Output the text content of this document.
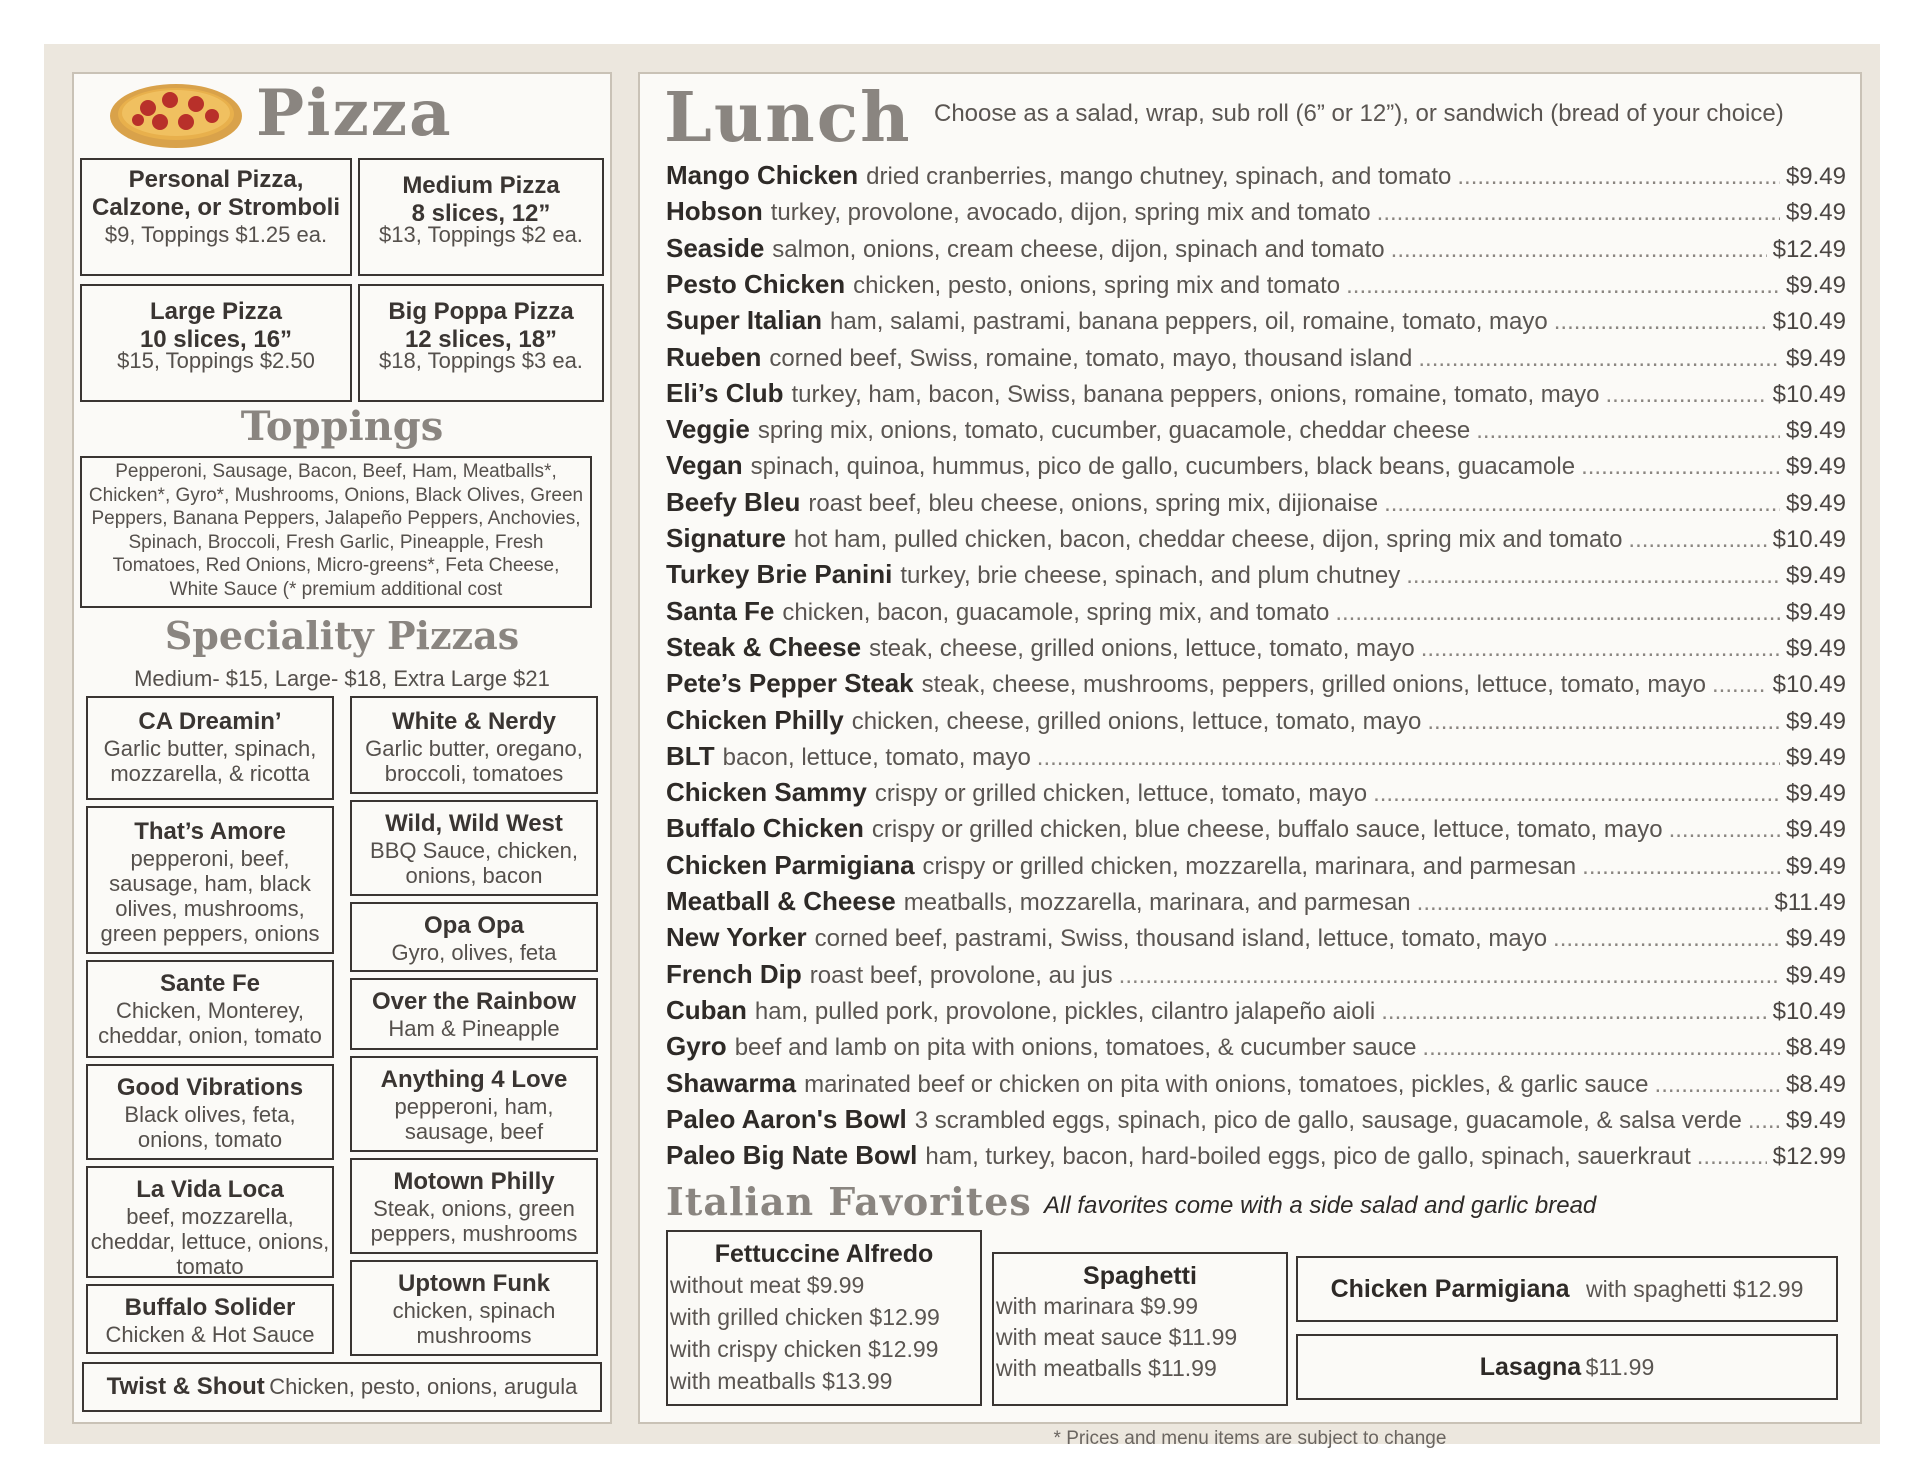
Pizza
Personal Pizza, Calzone, or Stromboli
$9, Toppings $1.25 ea.
Medium Pizza
8 slices, 12”
$13, Toppings $2 ea.
Large Pizza
10 slices, 16”
$15, Toppings $2.50
Big Poppa Pizza
12 slices, 18”
$18, Toppings $3 ea.
Toppings
Pepperoni, Sausage, Bacon, Beef, Ham, Meatballs*, Chicken*, Gyro*, Mushrooms, Onions, Black Olives, Green Peppers, Banana Peppers, Jalapeño Peppers, Anchovies, Spinach, Broccoli, Fresh Garlic, Pineapple, Fresh Tomatoes, Red Onions, Micro-greens*, Feta Cheese, White Sauce (* premium additional cost
Speciality Pizzas
Medium- $15, Large- $18, Extra Large $21
CA Dreamin’
Garlic butter, spinach, mozzarella, & ricotta
That’s Amore
pepperoni, beef, sausage, ham, black olives, mushrooms, green peppers, onions
Sante Fe
Chicken, Monterey, cheddar, onion, tomato
Good Vibrations
Black olives, feta, onions, tomato
La Vida Loca
beef, mozzarella, cheddar, lettuce, onions, tomato
Buffalo Solider
Chicken & Hot Sauce
White & Nerdy
Garlic butter, oregano, broccoli, tomatoes
Wild, Wild West
BBQ Sauce, chicken, onions, bacon
Opa Opa
Gyro, olives, feta
Over the Rainbow
Ham & Pineapple
Anything 4 Love
pepperoni, ham, sausage, beef
Motown Philly
Steak, onions, green peppers, mushrooms
Uptown Funk
chicken, spinach mushrooms
Twist & Shout Chicken, pesto, onions, arugula
Lunch Choose as a salad, wrap, sub roll (6” or 12”), or sandwich (bread of your choice)
Mango Chicken dried cranberries, mango chutney, spinach, and tomato .....	$9.49
Hobson turkey, provolone, avocado, dijon, spring mix and tomato .....	$9.49
Seaside salmon, onions, cream cheese, dijon, spinach and tomato .....	$12.49
Pesto Chicken chicken, pesto, onions, spring mix and tomato .....	$9.49
Super Italian ham, salami, pastrami, banana peppers, oil, romaine, tomato, mayo .....	$10.49
Rueben corned beef, Swiss, romaine, tomato, mayo, thousand island .....	$9.49
Eli’s Club turkey, ham, bacon, Swiss, banana peppers, onions, romaine, tomato, mayo .....	$10.49
Veggie spring mix, onions, tomato, cucumber, guacamole, cheddar cheese .....	$9.49
Vegan spinach, quinoa, hummus, pico de gallo, cucumbers, black beans, guacamole .....	$9.49
Beefy Bleu roast beef, bleu cheese, onions, spring mix, dijionaise .....	$9.49
Signature hot ham, pulled chicken, bacon, cheddar cheese, dijon, spring mix and tomato .....	$10.49
Turkey Brie Panini turkey, brie cheese, spinach, and plum chutney .....	$9.49
Santa Fe chicken, bacon, guacamole, spring mix, and tomato .....	$9.49
Steak & Cheese steak, cheese, grilled onions, lettuce, tomato, mayo .....	$9.49
Pete’s Pepper Steak steak, cheese, mushrooms, peppers, grilled onions, lettuce, tomato, mayo .....	$10.49
Chicken Philly chicken, cheese, grilled onions, lettuce, tomato, mayo .....	$9.49
BLT bacon, lettuce, tomato, mayo .....	$9.49
Chicken Sammy crispy or grilled chicken, lettuce, tomato, mayo .....	$9.49
Buffalo Chicken crispy or grilled chicken, blue cheese, buffalo sauce, lettuce, tomato, mayo .....	$9.49
Chicken Parmigiana crispy or grilled chicken, mozzarella, marinara, and parmesan .....	$9.49
Meatball & Cheese meatballs, mozzarella, marinara, and parmesan .....	$11.49
New Yorker corned beef, pastrami, Swiss, thousand island, lettuce, tomato, mayo .....	$9.49
French Dip roast beef, provolone, au jus .....	$9.49
Cuban ham, pulled pork, provolone, pickles, cilantro jalapeño aioli .....	$10.49
Gyro beef and lamb on pita with onions, tomatoes, & cucumber sauce .....	$8.49
Shawarma marinated beef or chicken on pita with onions, tomatoes, pickles, & garlic sauce .....	$8.49
Paleo Aaron's Bowl 3 scrambled eggs, spinach, pico de gallo, sausage, guacamole, & salsa verde ..... $9.49
Paleo Big Nate Bowl ham, turkey, bacon, hard-boiled eggs, pico de gallo, spinach, sauerkraut .....	$12.99
Italian Favorites All favorites come with a side salad and garlic bread
Fettuccine Alfredo
without meat $9.99
with grilled chicken $12.99
with crispy chicken $12.99
with meatballs $13.99
Spaghetti
with marinara $9.99
with meat sauce $11.99
with meatballs $11.99
Chicken Parmigiana with spaghetti $12.99
Lasagna $11.99
* Prices and menu items are subject to change
